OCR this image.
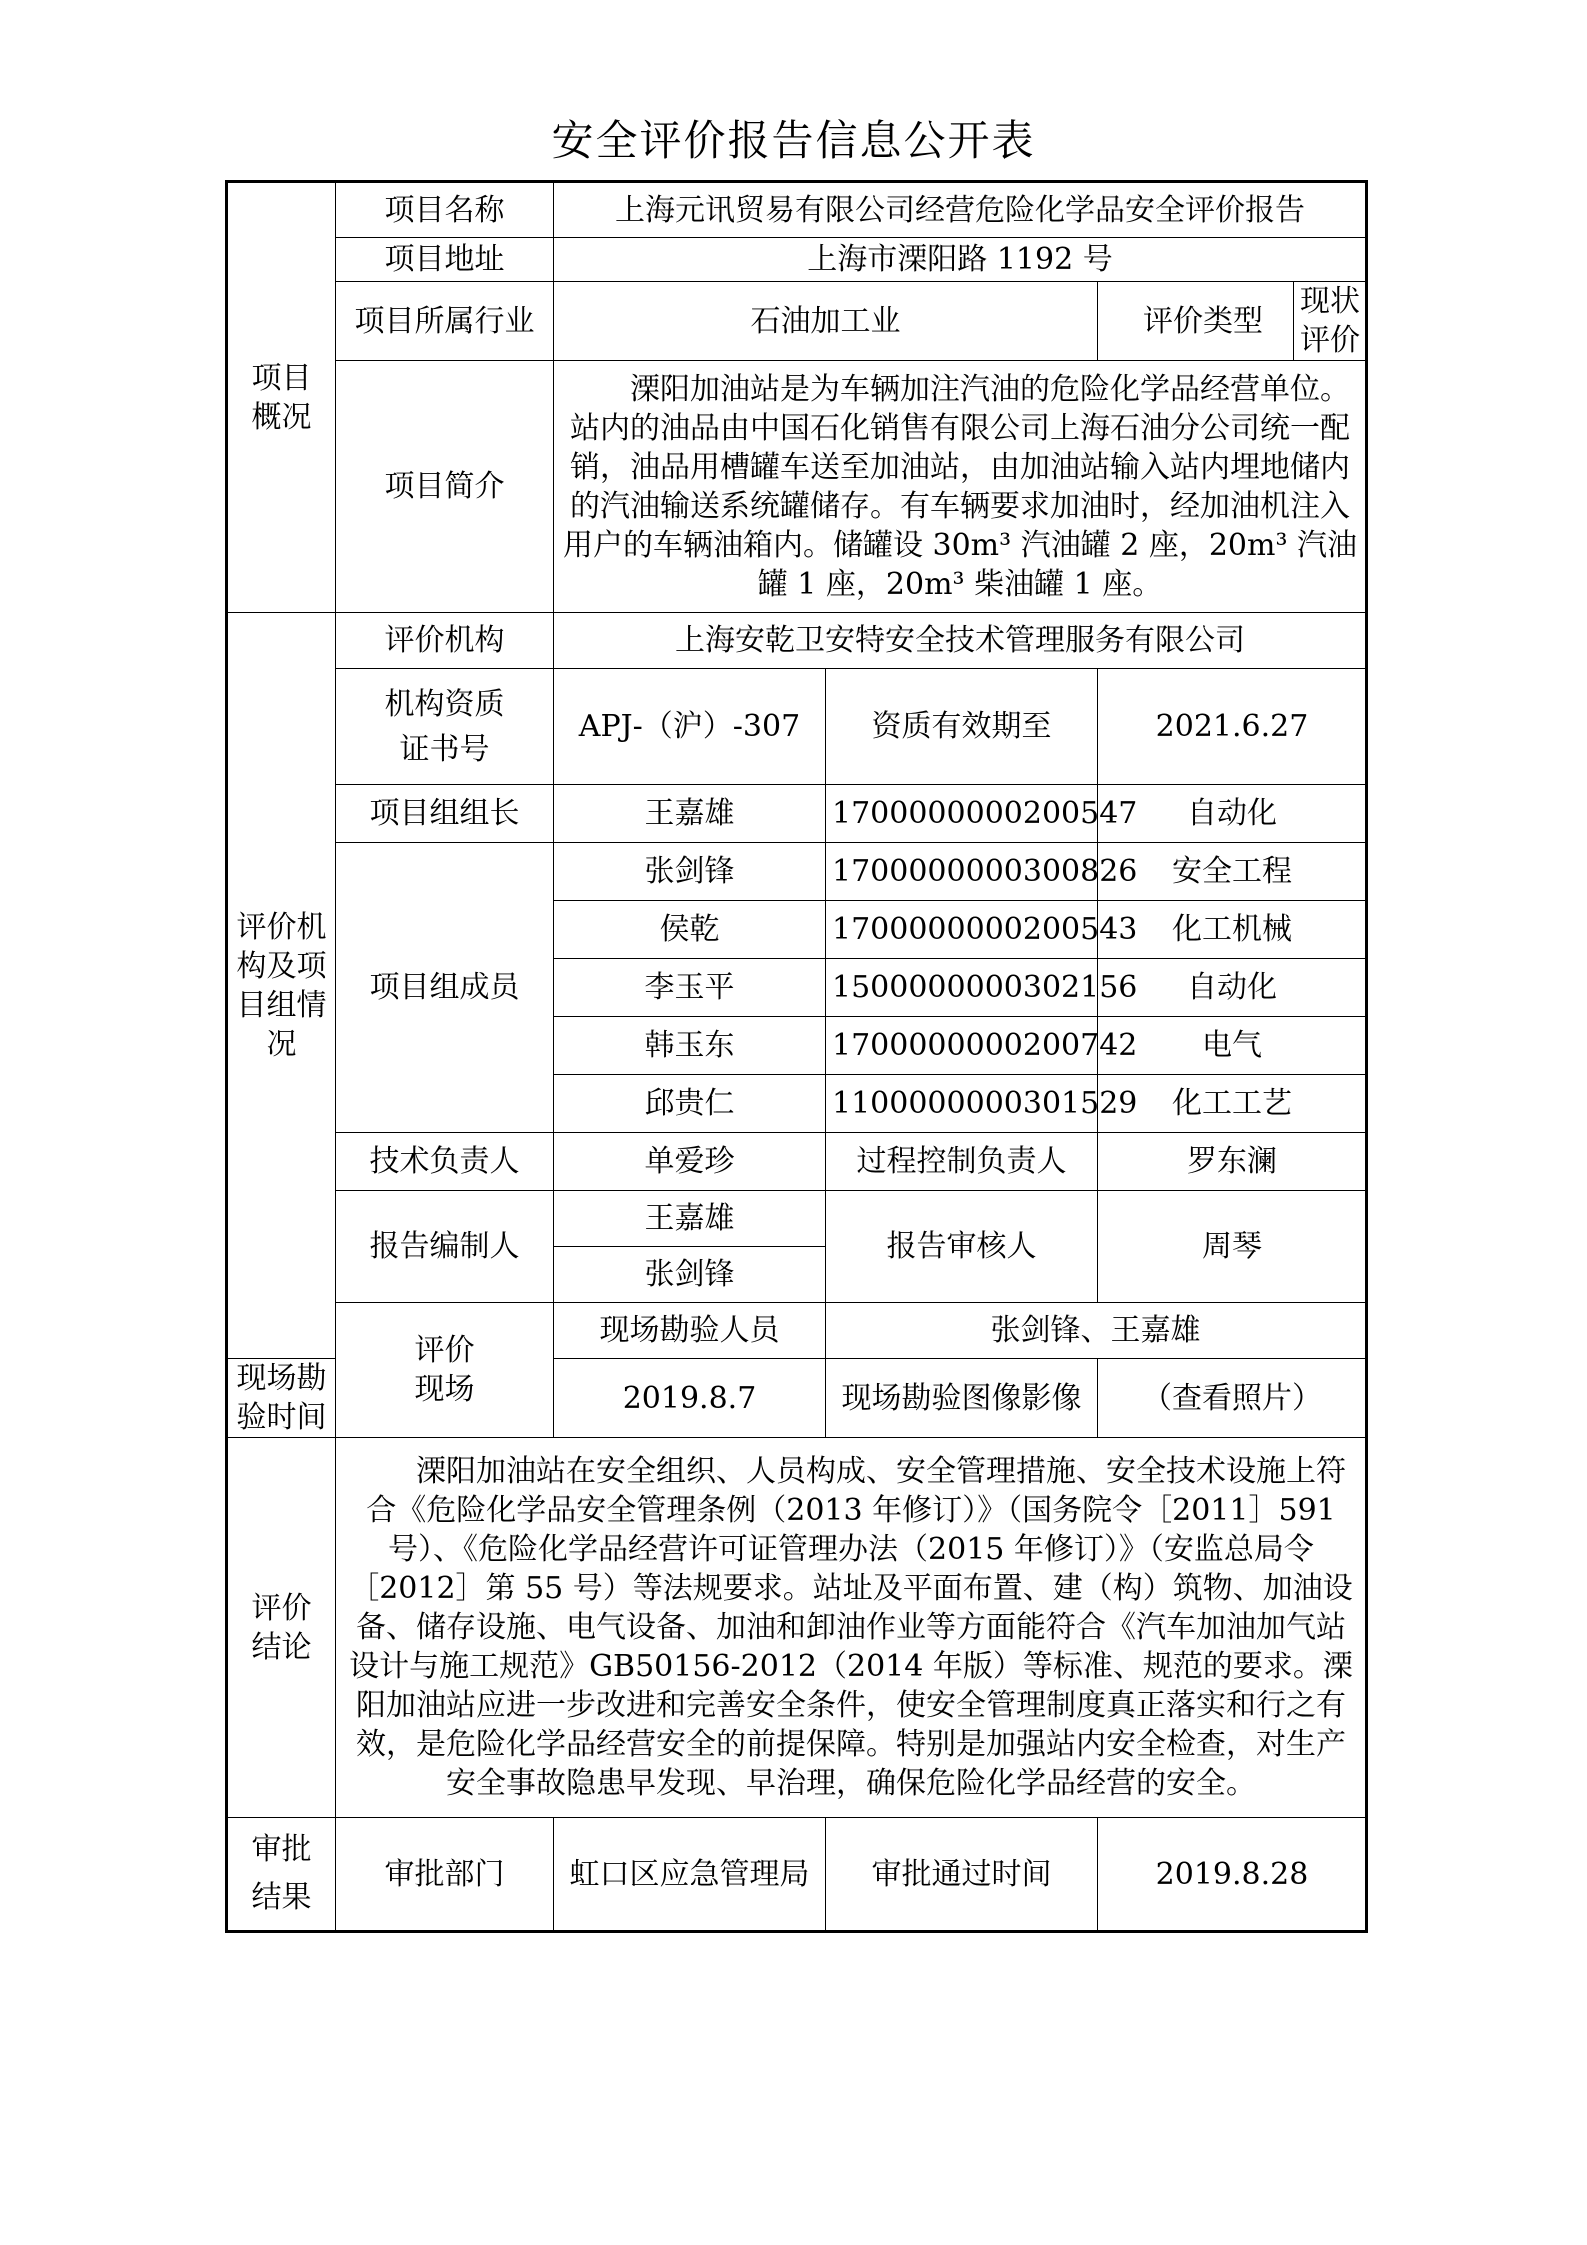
安全评价报告信息公开表
项目
概况	项目名称	上海元讯贸易有限公司经营危险化学品安全评价报告			
	项目地址	上海市溧阳路 1192 号			
	项目所属行业	石油加工业		评价类型	现状评价
	项目简介	溧阳加油站是为车辆加注汽油的危险化学品经营单位。站内的油品由中国石化销售有限公司上海石油分公司统一配销，油品用槽罐车送至加油站，由加油站输入站内埋地储内的汽油输送系统罐储存。有车辆要求加油时，经加油机注入用户的车辆油箱内。储罐设 30m³ 汽油罐 2 座，20m³ 汽油罐 1 座，20m³ 柴油罐 1 座。			

评价机
构及项
目组情
况	评价机构	上海安乾卫安特安全技术管理服务有限公司			

	机构资质
证书号	APJ-（沪）-307	资质有效期至	2021.6.27	
	项目组组长	王嘉雄	1700000000200547	自动化	
	项目组成员	张剑锋	1700000000300826	安全工程	
		侯乾	1700000000200543	化工机械	
		李玉平	1500000000302156	自动化	
		韩玉东	1700000000200742	电气	
		邱贵仁	1100000000301529	化工工艺	
	技术负责人	单爱珍	过程控制负责人	罗东澜	
	报告编制人	王嘉雄	报告审核人	周琴	
		张剑锋			

	评价
现场	现场勘验人员	张剑锋、王嘉雄		
现场勘验时间		2019.8.7	现场勘验图像影像	（查看照片）	

评价
结论	溧阳加油站在安全组织、人员构成、安全管理措施、安全技术设施上符合《危险化学品安全管理条例（2013 年修订）》（国务院令［2011］591 号）、《危险化学品经营许可证管理办法（2015 年修订）》（安监总局令［2012］第 55 号）等法规要求。站址及平面布置、建（构）筑物、加油设备、储存设施、电气设备、加油和卸油作业等方面能符合《汽车加油加气站设计与施工规范》GB50156-2012（2014 年版）等标准、规范的要求。溧阳加油站应进一步改进和完善安全条件，使安全管理制度真正落实和行之有效，是危险化学品经营安全的前提保障。特别是加强站内安全检查，对生产安全事故隐患早发现、早治理，确保危险化学品经营的安全。				

审批
结果	审批部门	虹口区应急管理局	审批通过时间	2019.8.28	
